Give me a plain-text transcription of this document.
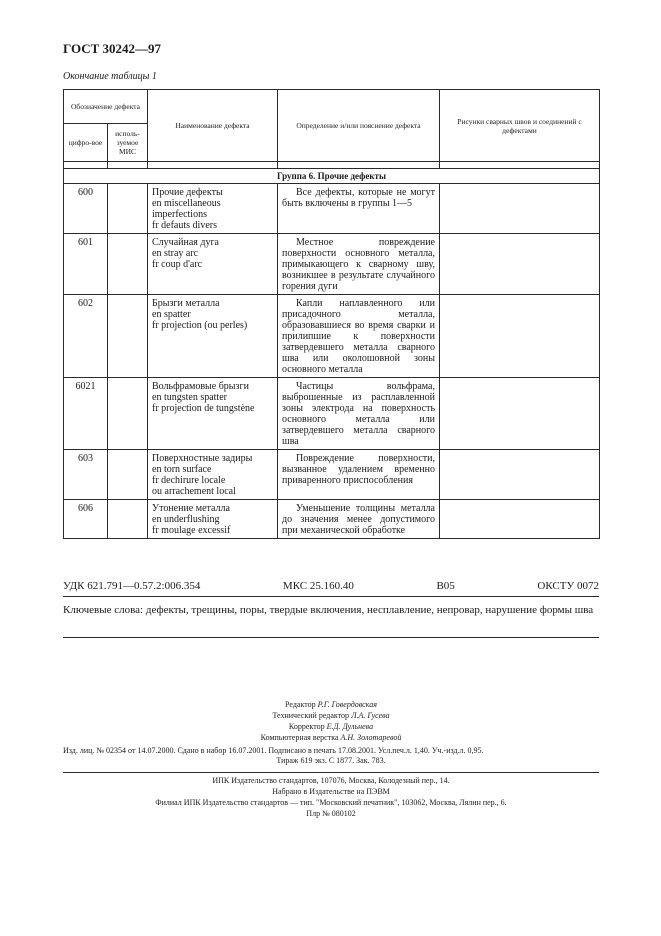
ГОСТ 30242—97
Окончание таблицы 1
Обозначение дефекта		Наименование дефекта	Определение и/или пояснение дефекта	Рисунки сварных швов и соединений с дефектами
цифро-вое	исполь-зуемое МИС			

Группа 6. Прочие дефекты				
600		Прочие дефекты
en miscellaneous
imperfections
fr defauts divers	Все дефекты, которые не могут быть включены в группы 1—5	
601		Случайная дуга
en stray arc
fr coup d'arc	Местное повреждение поверхности основного металла, примыкающего к сварному шву, возникшее в результате случайного горения дуги	
602		Брызги металла
en spatter
fr projection (ou perles)	Капли наплавленного или присадочного металла, образовавшиеся во время сварки и прилипшие к поверхности затвердевшего металла сварного шва или околошовной зоны основного металла	
6021		Вольфрамовые брызги
en tungsten spatter
fr projection de tungstène	Частицы вольфрама, выброшенные из расплавленной зоны электрода на поверхность основного металла или затвердевшего металла сварного шва	
603		Поверхностные задиры
en torn surface
fr dechirure locale
ou arrachement local	Повреждение поверхности, вызванное удалением временно приваренного приспособления	
606		Утонение металла
en underflushing
fr moulage excessif	Уменьшение толщины металла до значения менее допустимого при механической обработке	
УДК 621.791—0.57.2:006.354	МКС 25.160.40	В05	ОКСТУ 0072
Ключевые слова: дефекты, трещины, поры, твердые включения, несплавление, непровар, нарушение формы шва
Редактор Р.Г. Говердовская
Технический редактор Л.А. Гусева
Корректор Е.Д. Дульнева
Компьютерная верстка А.Н. Золотаревой
Изд. лиц. № 02354 от 14.07.2000. Сдано в набор 16.07.2001. Подписано в печать 17.08.2001. Усл.печ.л. 1,40. Уч.-изд.л. 0,95.
Тираж 619 экз. С 1877. Зак. 783.
ИПК Издательство стандартов, 107076, Москва, Колодезный пер., 14.
Набрано в Издательстве на ПЭВМ
Филиал ИПК Издательство стандартов — тип. "Московский печатник", 103062, Москва, Лялин пер., 6.
Плр № 080102
